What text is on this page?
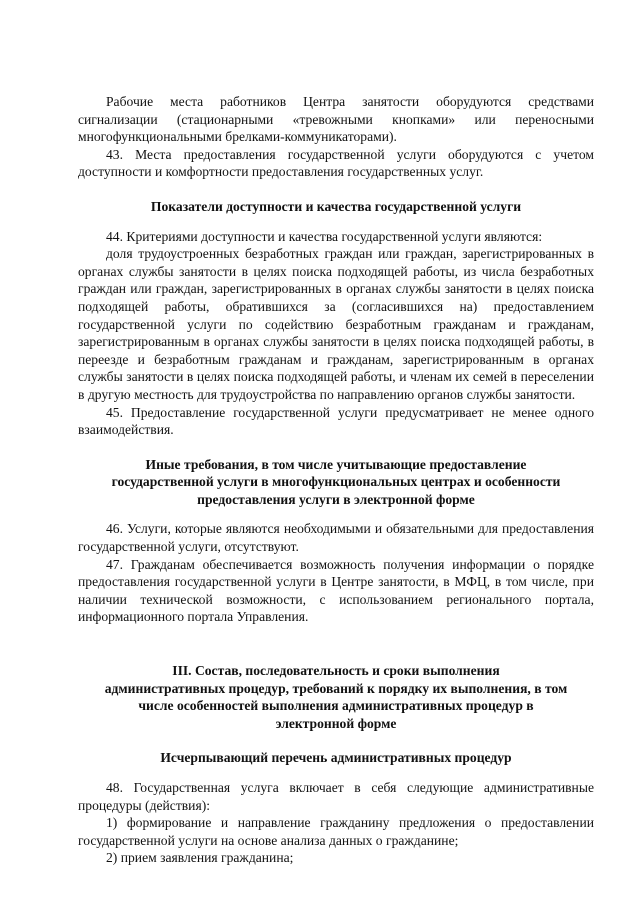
Рабочие места работников Центра занятости оборудуются средствами сигнализации (стационарными «тревожными кнопками» или переносными многофункциональными брелками-коммуникаторами).

43. Места предоставления государственной услуги оборудуются с учетом доступности и комфортности предоставления государственных услуг.

Показатели доступности и качества государственной услуги

44. Критериями доступности и качества государственной услуги являются:

доля трудоустроенных безработных граждан или граждан, зарегистрированных в органах службы занятости в целях поиска подходящей работы, из числа безработных граждан или граждан, зарегистрированных в органах службы занятости в целях поиска подходящей работы, обратившихся за (согласившихся на) предоставлением государственной услуги по содействию безработным гражданам и гражданам, зарегистрированным в органах службы занятости в целях поиска подходящей работы, в переезде и безработным гражданам и гражданам, зарегистрированным в органах службы занятости в целях поиска подходящей работы, и членам их семей в переселении в другую местность для трудоустройства по направлению органов службы занятости.

45. Предоставление государственной услуги предусматривает не менее одного взаимодействия.

Иные требования, в том числе учитывающие предоставление
государственной услуги в многофункциональных центрах и особенности
предоставления услуги в электронной форме

46. Услуги, которые являются необходимыми и обязательными для предоставления государственной услуги, отсутствуют.

47. Гражданам обеспечивается возможность получения информации о порядке предоставления государственной услуги в Центре занятости, в МФЦ, в том числе, при наличии технической возможности, с использованием регионального портала, информационного портала Управления.

III. Состав, последовательность и сроки выполнения
административных процедур, требований к порядку их выполнения, в том
числе особенностей выполнения административных процедур в
электронной форме

Исчерпывающий перечень административных процедур

48. Государственная услуга включает в себя следующие административные процедуры (действия):

1) формирование и направление гражданину предложения о предоставлении государственной услуги на основе анализа данных о гражданине;

2) прием заявления гражданина;
